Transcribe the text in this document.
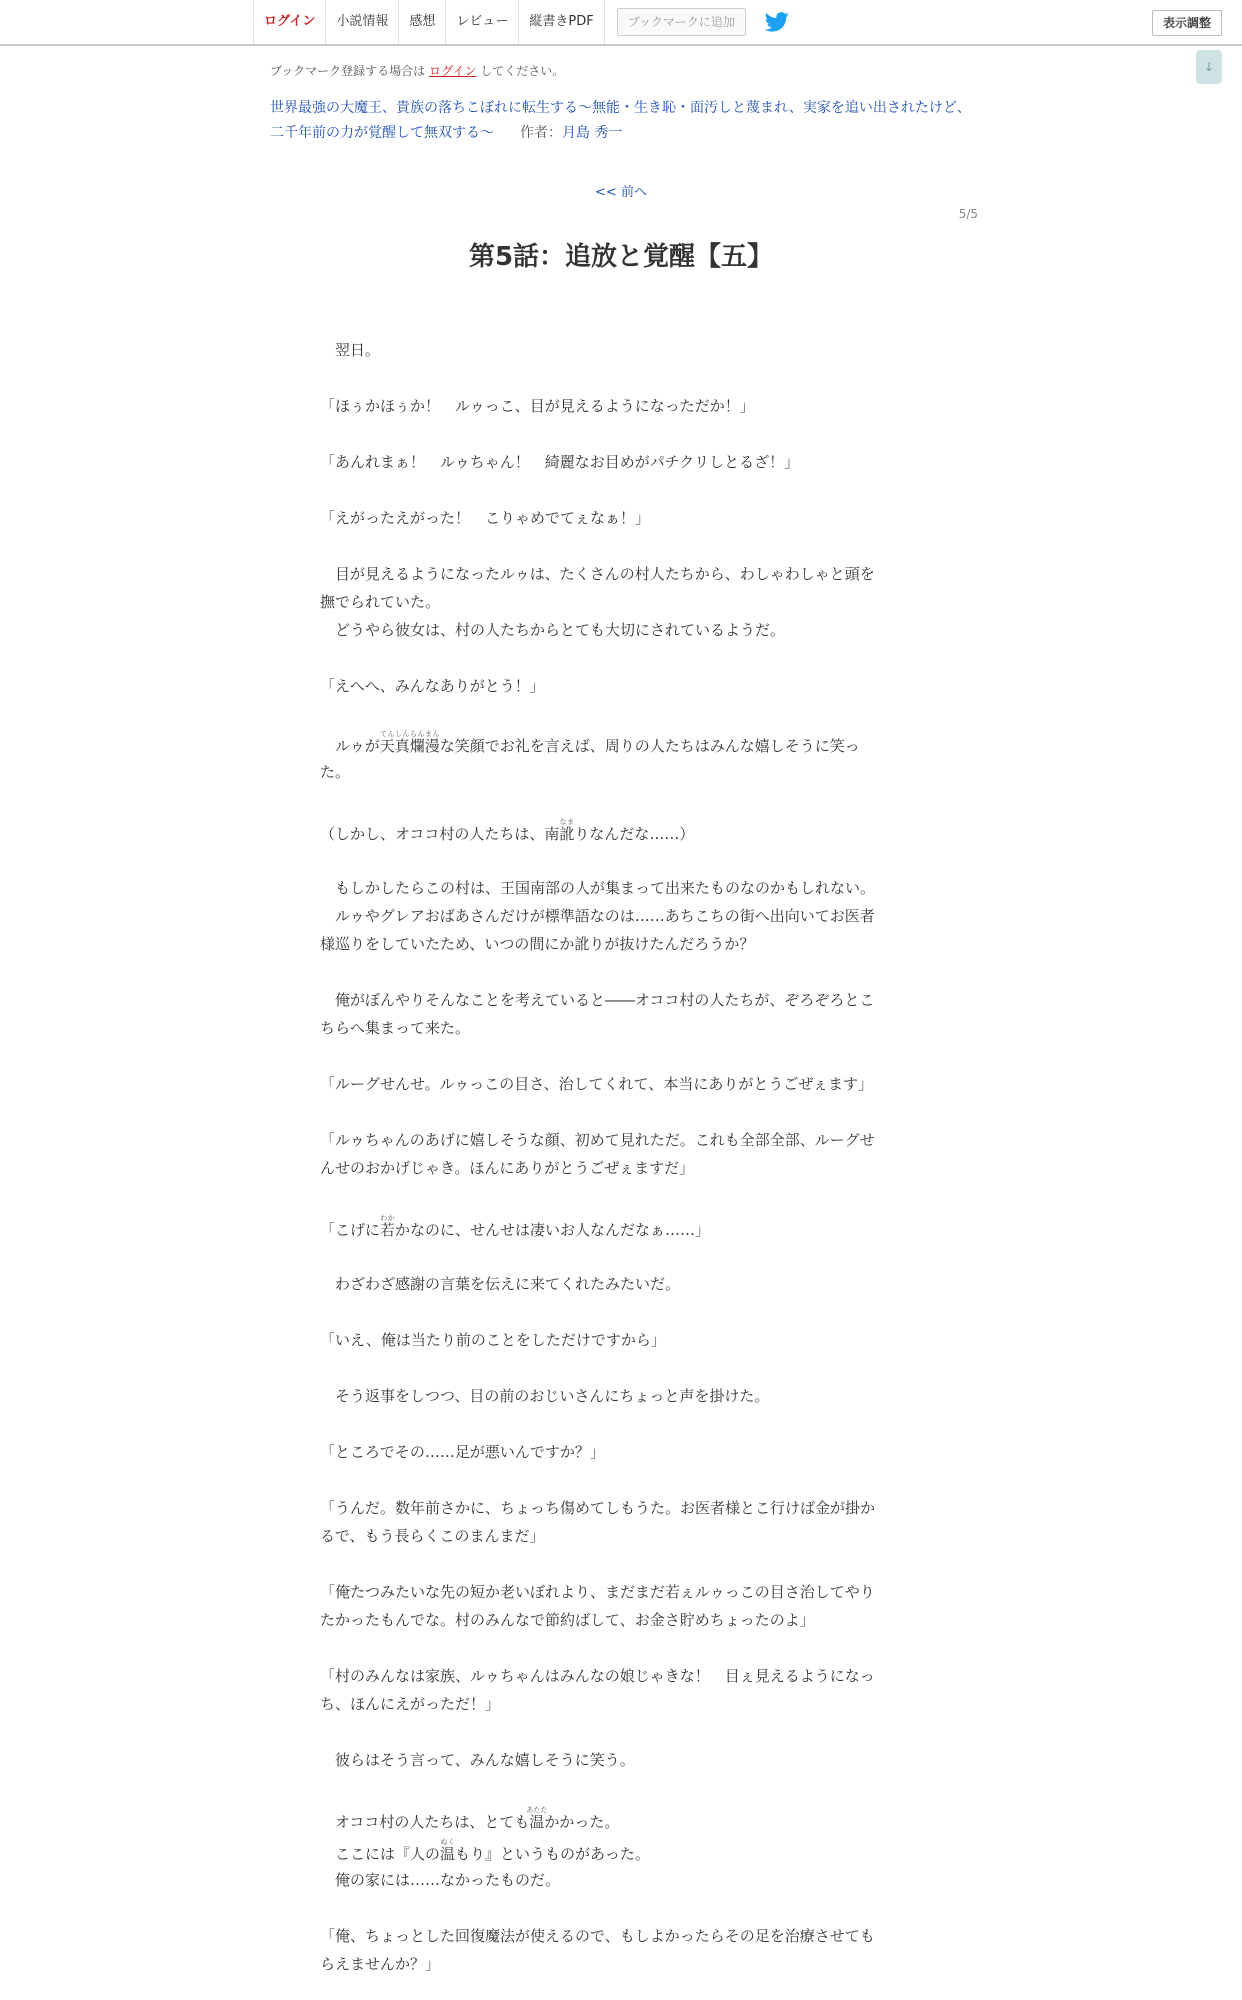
ログイン	小説情報	感想	レビュー	縦書きPDF	ブックマークに追加	表示調整
↓
ブックマーク登録する場合は ログイン してください。
世界最強の大魔王、貴族の落ちこぼれに転生する～無能・生き恥・面汚しと蔑まれ、実家を追い出されたけど、
二千年前の力が覚醒して無双する～ 作者：月島 秀一
<< 前へ
5/5
第5話：追放と覚醒【五】
　翌日。
「ほぅかほぅか！　ルゥっこ、目が見えるようになっただか！」
「あんれまぁ！　ルゥちゃん！　綺麗なお目めがパチクリしとるざ！」
「えがったえがった！　こりゃめでてぇなぁ！」
　目が見えるようになったルゥは、たくさんの村人たちから、わしゃわしゃと頭を
撫でられていた。
　どうやら彼女は、村の人たちからとても大切にされているようだ。
「えへへ、みんなありがとう！」
　ルゥが天真爛漫てんしんらんまんな笑顔でお礼を言えば、周りの人たちはみんな嬉しそうに笑っ
た。
（しかし、オココ村の人たちは、南訛なまりなんだな……）
　もしかしたらこの村は、王国南部の人が集まって出来たものなのかもしれない。
　ルゥやグレアおばあさんだけが標準語なのは……あちこちの街へ出向いてお医者
様巡りをしていたため、いつの間にか訛りが抜けたんだろうか？
　俺がぼんやりそんなことを考えていると――オココ村の人たちが、ぞろぞろとこ
ちらへ集まって来た。
「ルーグせんせ。ルゥっこの目さ、治してくれて、本当にありがとうごぜぇます」
「ルゥちゃんのあげに嬉しそうな顔、初めて見れただ。これも全部全部、ルーグせ
んせのおかげじゃき。ほんにありがとうごぜぇますだ」
「こげに若わかかなのに、せんせは凄いお人なんだなぁ……」
　わざわざ感謝の言葉を伝えに来てくれたみたいだ。
「いえ、俺は当たり前のことをしただけですから」
　そう返事をしつつ、目の前のおじいさんにちょっと声を掛けた。
「ところでその……足が悪いんですか？」
「うんだ。数年前さかに、ちょっち傷めてしもうた。お医者様とこ行けば金が掛か
るで、もう長らくこのまんまだ」
「俺たつみたいな先の短か老いぼれより、まだまだ若ぇルゥっこの目さ治してやり
たかったもんでな。村のみんなで節約ばして、お金さ貯めちょったのよ」
「村のみんなは家族、ルゥちゃんはみんなの娘じゃきな！　目ぇ見えるようになっ
ち、ほんにえがっただ！」
　彼らはそう言って、みんな嬉しそうに笑う。
　オココ村の人たちは、とても温あたたかかった。
　ここには『人の温ぬくもり』というものがあった。
　俺の家には……なかったものだ。
「俺、ちょっとした回復魔法が使えるので、もしよかったらその足を治療させても
らえませんか？」
